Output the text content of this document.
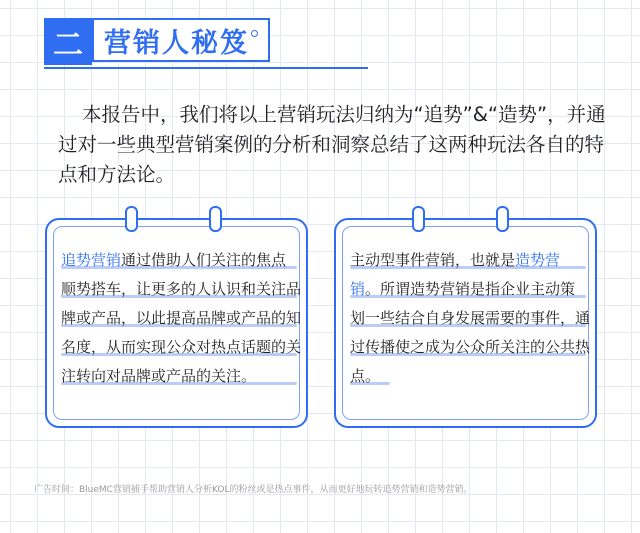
二 营销人秘笈

本报告中，我们将以上营销玩法归纳为“追势”&“造势”，并通过对一些典型营销案例的分析和洞察总结了这两种玩法各自的特点和方法论。

追势营销通过借助人们关注的焦点顺势搭车，让更多的人认识和关注品牌或产品，以此提高品牌或产品的知名度，从而实现公众对热点话题的关注转向对品牌或产品的关注。

主动型事件营销，也就是造势营销。所谓造势营销是指企业主动策划一些结合自身发展需要的事件，通过传播使之成为公众所关注的公共热点。

广告时间：BlueMC营销捕手帮助营销人分析KOL的粉丝或是热点事件，从而更好地玩转追势营销和造势营销。
